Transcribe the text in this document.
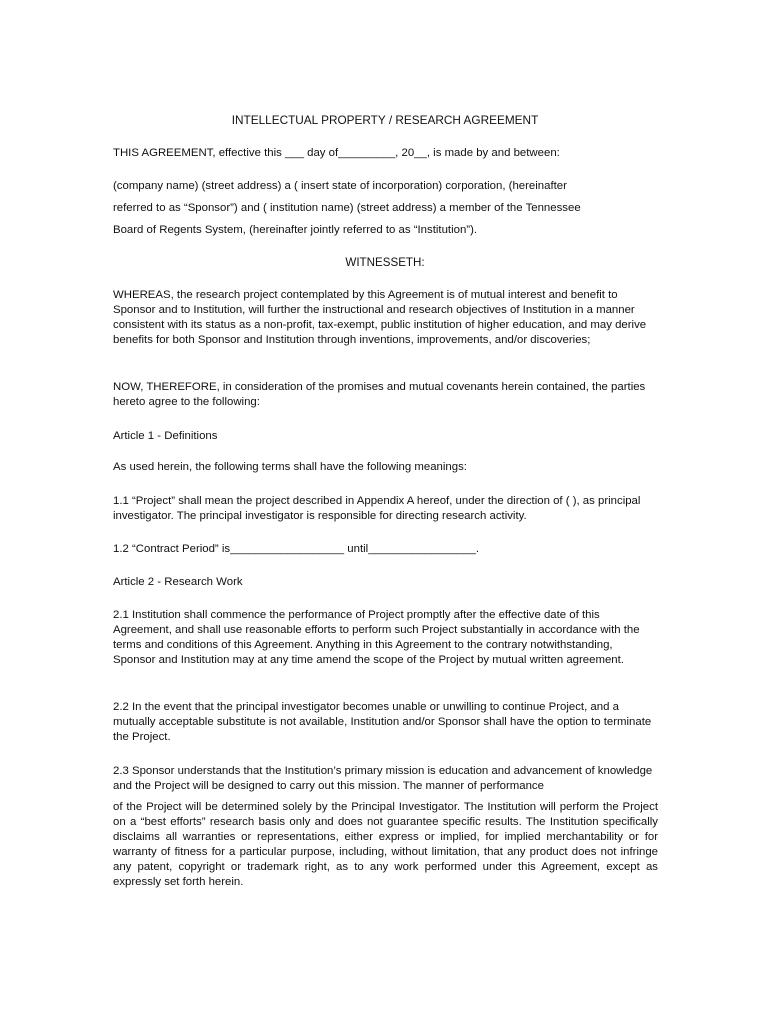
INTELLECTUAL PROPERTY / RESEARCH AGREEMENT

THIS AGREEMENT, effective this ___ day of_________, 20__, is made by and between:

(company name) (street address) a ( insert state of incorporation) corporation, (hereinafter
referred to as “Sponsor”) and ( institution name) (street address) a member of the Tennessee
Board of Regents System, (hereinafter jointly referred to as “Institution”).

WITNESSETH:

WHEREAS, the research project contemplated by this Agreement is of mutual interest and benefit to Sponsor and to Institution, will further the instructional and research objectives of Institution in a manner consistent with its status as a non-profit, tax-exempt, public institution of higher education, and may derive benefits for both Sponsor and Institution through inventions, improvements, and/or discoveries;

NOW, THEREFORE, in consideration of the promises and mutual covenants herein contained, the parties hereto agree to the following:

Article 1 - Definitions

As used herein, the following terms shall have the following meanings:

1.1 “Project” shall mean the project described in Appendix A hereof, under the direction of ( ), as principal investigator. The principal investigator is responsible for directing research activity.

1.2 “Contract Period” is__________________ until_________________.

Article 2 - Research Work

2.1 Institution shall commence the performance of Project promptly after the effective date of this Agreement, and shall use reasonable efforts to perform such Project substantially in accordance with the terms and conditions of this Agreement. Anything in this Agreement to the contrary notwithstanding, Sponsor and Institution may at any time amend the scope of the Project by mutual written agreement.

2.2 In the event that the principal investigator becomes unable or unwilling to continue Project, and a mutually acceptable substitute is not available, Institution and/or Sponsor shall have the option to terminate the Project.

2.3 Sponsor understands that the Institution’s primary mission is education and advancement of knowledge and the Project will be designed to carry out this mission. The manner of performance

of the Project will be determined solely by the Principal Investigator. The Institution will perform the Project on a “best efforts” research basis only and does not guarantee specific results. The Institution specifically disclaims all warranties or representations, either express or implied, for implied merchantability or for warranty of fitness for a particular purpose, including, without limitation, that any product does not infringe any patent, copyright or trademark right, as to any work performed under this Agreement, except as expressly set forth herein.
